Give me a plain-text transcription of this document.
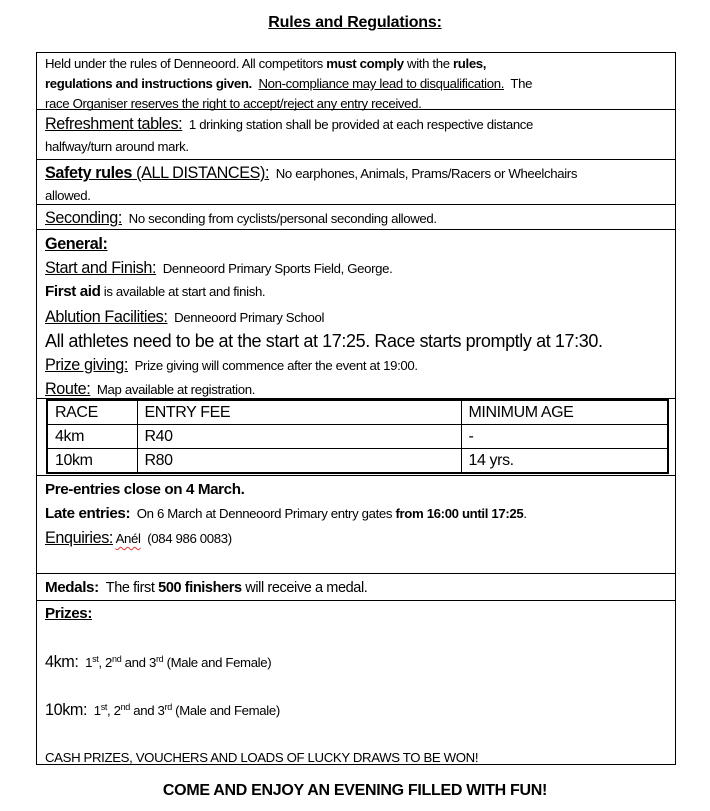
Rules and Regulations:
Held under the rules of Denneoord. All competitors must comply with the rules,
regulations and instructions given. Non-compliance may lead to disqualification.  The
race Organiser reserves the right to accept/reject any entry received.
Refreshment tables:  1 drinking station shall be provided at each respective distance
halfway/turn around mark.
Safety rules (ALL DISTANCES):  No earphones, Animals, Prams/Racers or Wheelchairs
allowed.
Seconding:  No seconding from cyclists/personal seconding allowed.
General:
Start and Finish:  Denneoord Primary Sports Field, George.
First aid is available at start and finish.
Ablution Facilities:  Denneoord Primary School
All athletes need to be at the start at 17:25. Race starts promptly at 17:30.
Prize giving:  Prize giving will commence after the event at 19:00.
Route:  Map available at registration.
RACE	ENTRY FEE	MINIMUM AGE
4km	R40	-
10km	R80	14 yrs.
Pre-entries close on 4 March.
Late entries:  On 6 March at Denneoord Primary entry gates from 16:00 until 17:25.
Enquiries: Anél  (084 986 0083)
Medals:  The first 500 finishers will receive a medal.
Prizes:
4km: 1st, 2nd and 3rd (Male and Female)
10km: 1st, 2nd and 3rd (Male and Female)
CASH PRIZES, VOUCHERS AND LOADS OF LUCKY DRAWS TO BE WON!
COME AND ENJOY AN EVENING FILLED WITH FUN!
